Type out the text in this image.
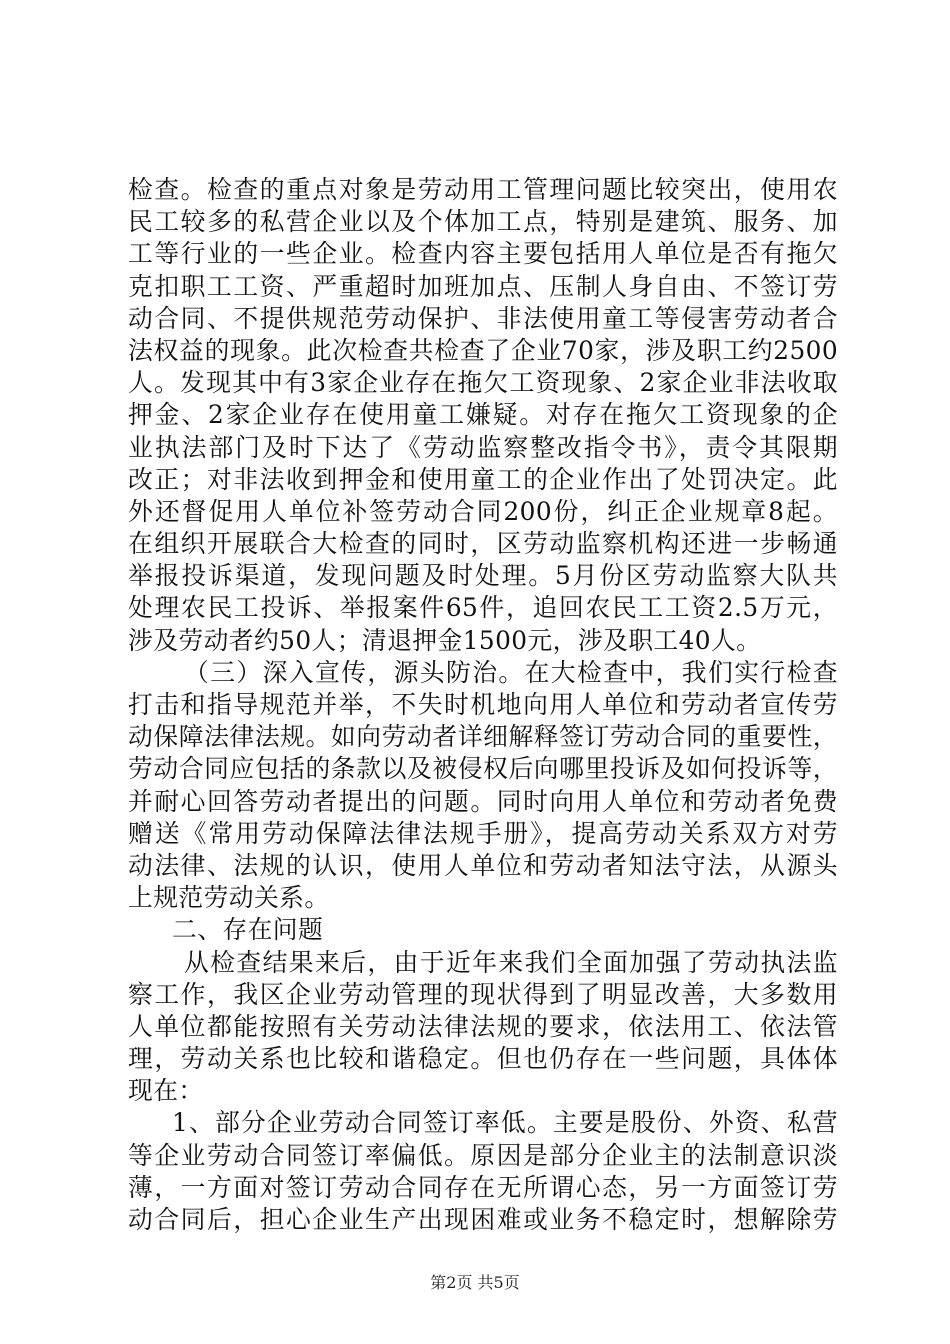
检查。检查的重点对象是劳动用工管理问题比较突出，使用农
民工较多的私营企业以及个体加工点，特别是建筑、服务、加
工等行业的一些企业。检查内容主要包括用人单位是否有拖欠
克扣职工工资、严重超时加班加点、压制人身自由、不签订劳
动合同、不提供规范劳动保护、非法使用童工等侵害劳动者合
法权益的现象。此次检查共检查了企业70家，涉及职工约2500
人。发现其中有3家企业存在拖欠工资现象、2家企业非法收取
押金、2家企业存在使用童工嫌疑。对存在拖欠工资现象的企
业执法部门及时下达了《劳动监察整改指令书》，责令其限期
改正；对非法收到押金和使用童工的企业作出了处罚决定。此
外还督促用人单位补签劳动合同200份，纠正企业规章8起。
在组织开展联合大检查的同时，区劳动监察机构还进一步畅通
举报投诉渠道，发现问题及时处理。5月份区劳动监察大队共
处理农民工投诉、举报案件65件，追回农民工工资2.5万元，
涉及劳动者约50人；清退押金1500元，涉及职工40人。
（三）深入宣传，源头防治。在大检查中，我们实行检查
打击和指导规范并举，不失时机地向用人单位和劳动者宣传劳
动保障法律法规。如向劳动者详细解释签订劳动合同的重要性，
劳动合同应包括的条款以及被侵权后向哪里投诉及如何投诉等，
并耐心回答劳动者提出的问题。同时向用人单位和劳动者免费
赠送《常用劳动保障法律法规手册》，提高劳动关系双方对劳
动法律、法规的认识，使用人单位和劳动者知法守法，从源头
上规范劳动关系。
二、存在问题
从检查结果来后，由于近年来我们全面加强了劳动执法监
察工作，我区企业劳动管理的现状得到了明显改善，大多数用
人单位都能按照有关劳动法律法规的要求，依法用工、依法管
理，劳动关系也比较和谐稳定。但也仍存在一些问题，具体体
现在：
1、部分企业劳动合同签订率低。主要是股份、外资、私营
等企业劳动合同签订率偏低。原因是部分企业主的法制意识淡
薄，一方面对签订劳动合同存在无所谓心态，另一方面签订劳
动合同后，担心企业生产出现困难或业务不稳定时，想解除劳
第2页 共5页
